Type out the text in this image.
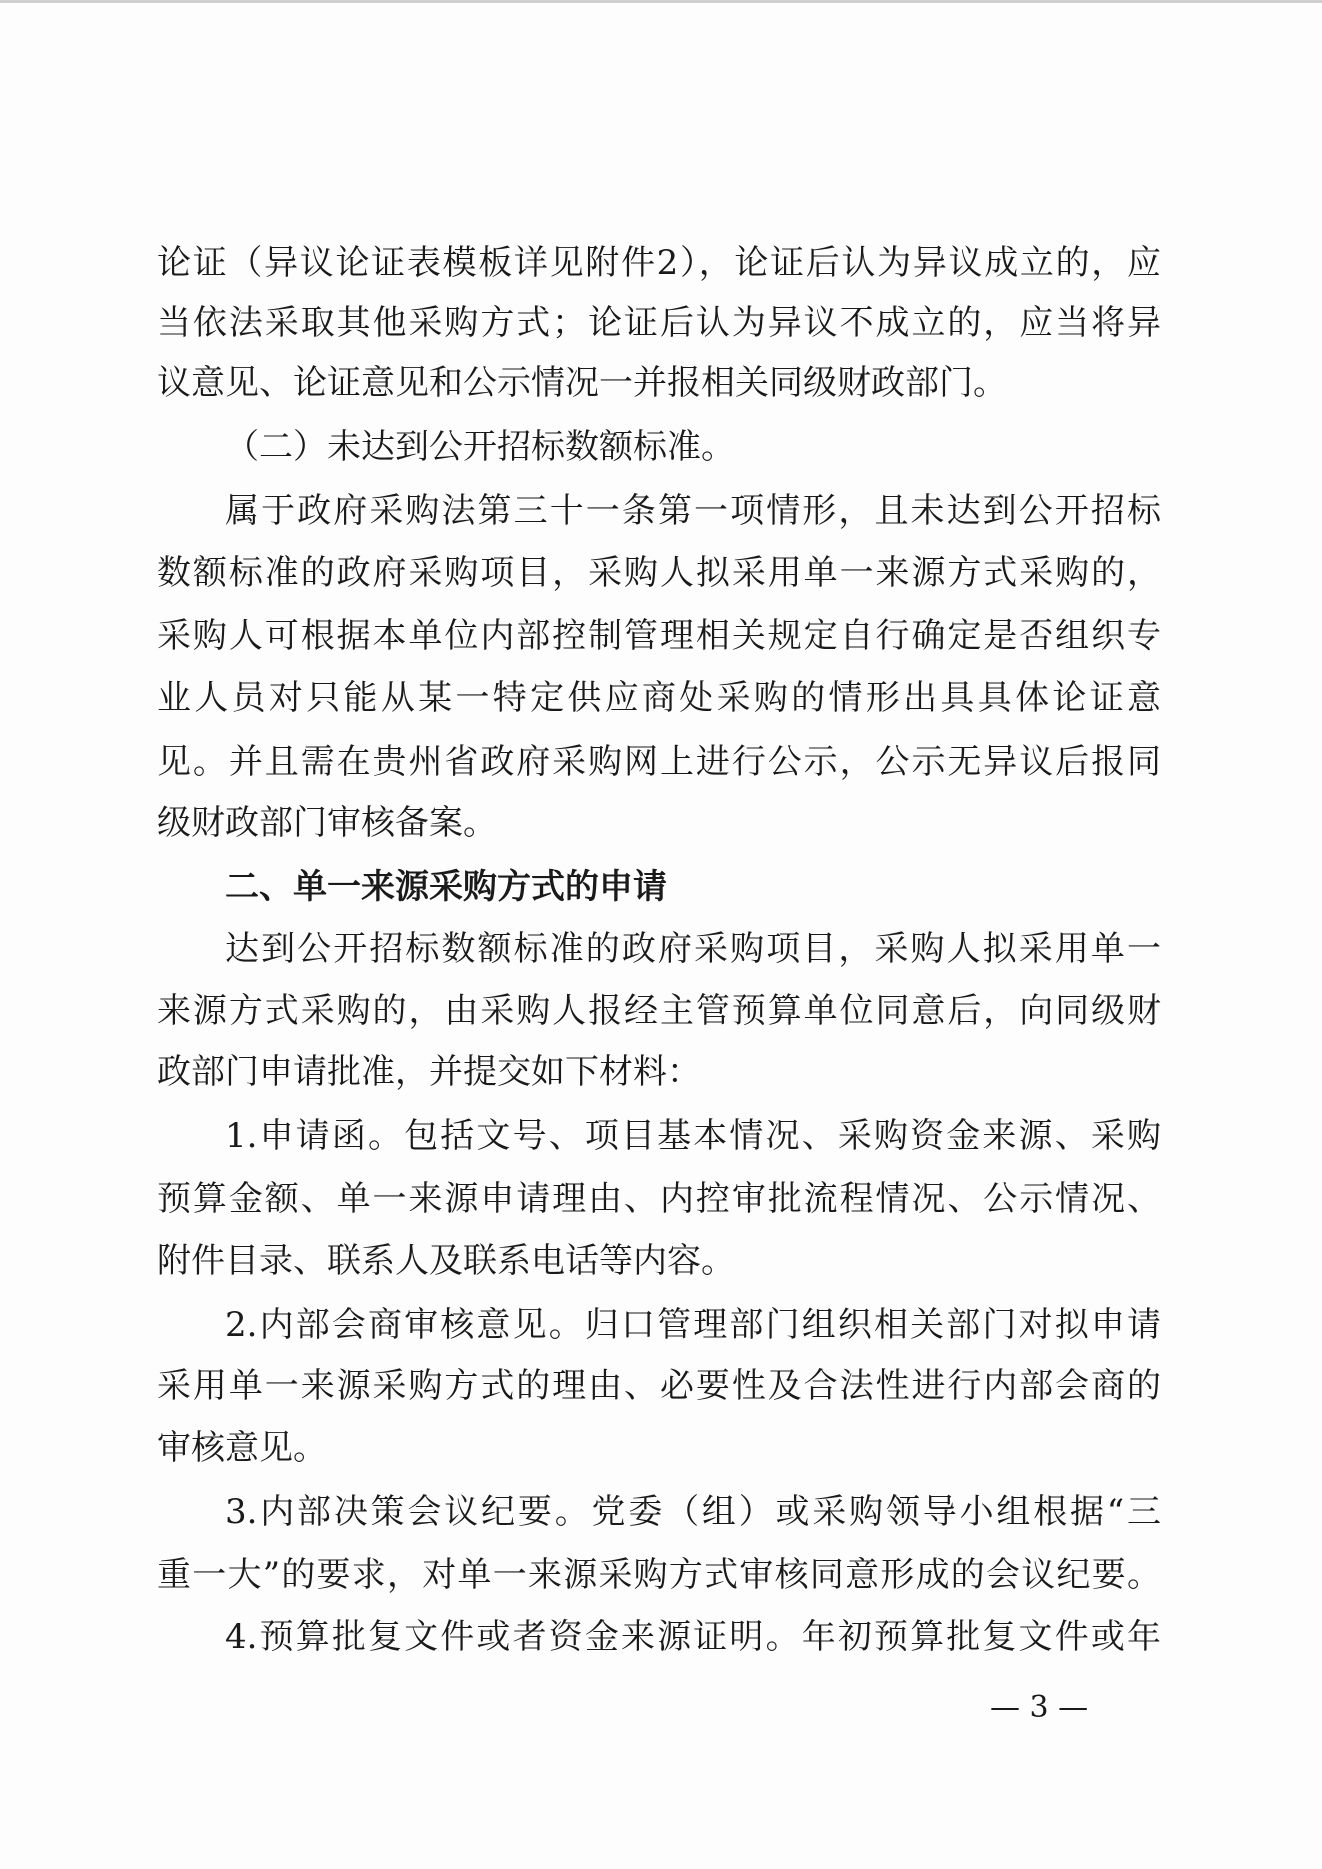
论证（异议论证表模板详见附件2），论证后认为异议成立的，应
当依法采取其他采购方式；论证后认为异议不成立的，应当将异
议意见、论证意见和公示情况一并报相关同级财政部门。
（二）未达到公开招标数额标准。
属于政府采购法第三十一条第一项情形，且未达到公开招标
数额标准的政府采购项目，采购人拟采用单一来源方式采购的，
采购人可根据本单位内部控制管理相关规定自行确定是否组织专
业人员对只能从某一特定供应商处采购的情形出具具体论证意
见。并且需在贵州省政府采购网上进行公示，公示无异议后报同
级财政部门审核备案。
二、单一来源采购方式的申请
达到公开招标数额标准的政府采购项目，采购人拟采用单一
来源方式采购的，由采购人报经主管预算单位同意后，向同级财
政部门申请批准，并提交如下材料：
1.申请函。包括文号、项目基本情况、采购资金来源、采购
预算金额、单一来源申请理由、内控审批流程情况、公示情况、
附件目录、联系人及联系电话等内容。
2.内部会商审核意见。归口管理部门组织相关部门对拟申请
采用单一来源采购方式的理由、必要性及合法性进行内部会商的
审核意见。
3.内部决策会议纪要。党委（组）或采购领导小组根据“三
重一大”的要求，对单一来源采购方式审核同意形成的会议纪要。
4.预算批复文件或者资金来源证明。年初预算批复文件或年
— 3 —
